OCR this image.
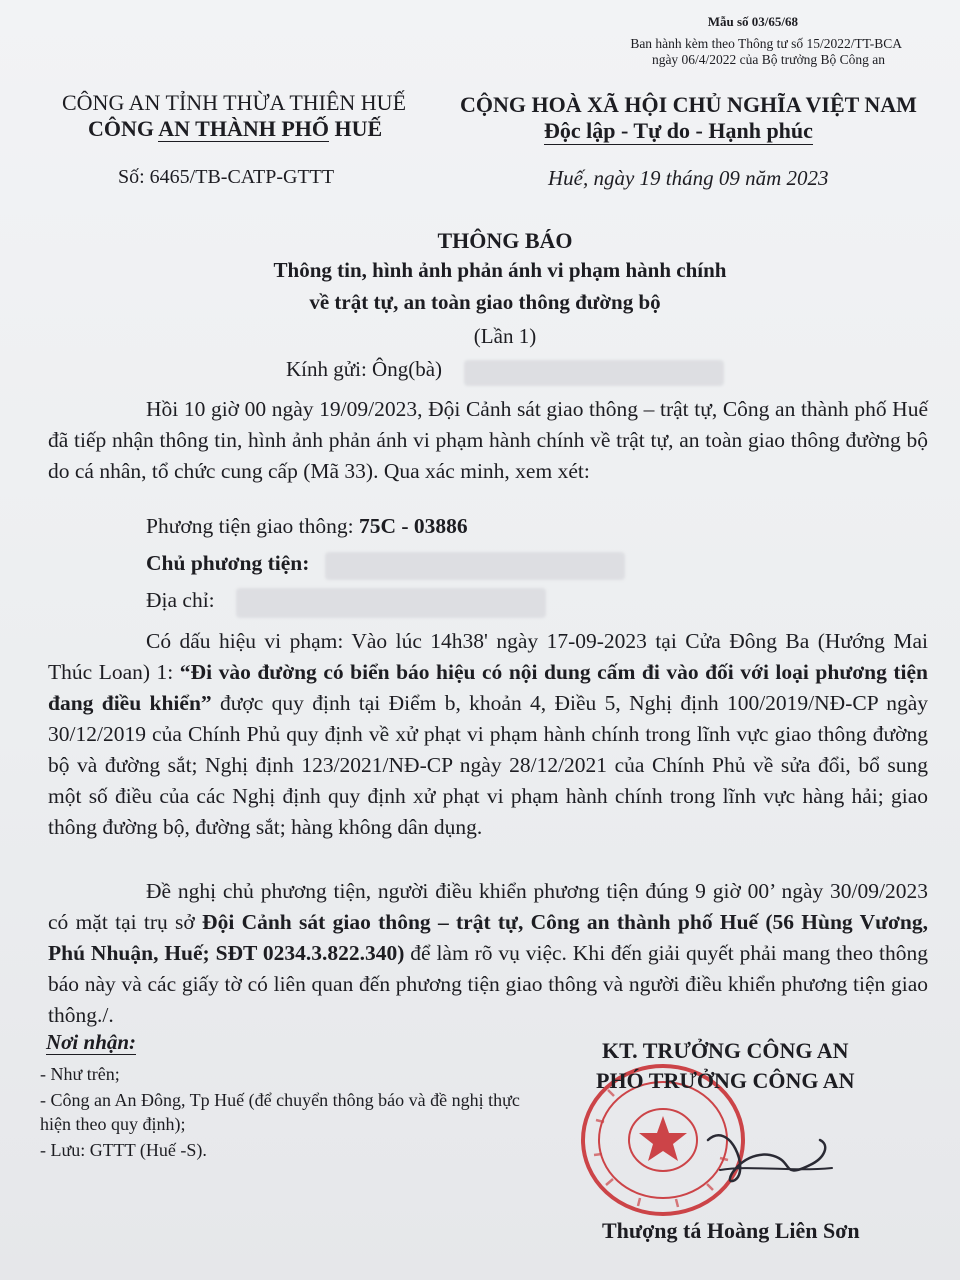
Mẫu số 03/65/68
Ban hành kèm theo Thông tư số 15/2022/TT-BCA
ngày 06/4/2022 của Bộ trưởng Bộ Công an
CÔNG AN TỈNH THỪA THIÊN HUẾ
CÔNG AN THÀNH PHỐ HUẾ
Số: 6465/TB-CATP-GTTT
CỘNG HOÀ XÃ HỘI CHỦ NGHĨA VIỆT NAM
Độc lập - Tự do - Hạnh phúc
Huế, ngày 19 tháng 09 năm 2023
THÔNG BÁO
Thông tin, hình ảnh phản ánh vi phạm hành chính
về trật tự, an toàn giao thông đường bộ
(Lần 1)
Kính gửi: Ông(bà)
Hồi 10 giờ 00 ngày 19/09/2023, Đội Cảnh sát giao thông – trật tự, Công an thành phố Huế đã tiếp nhận thông tin, hình ảnh phản ánh vi phạm hành chính về trật tự, an toàn giao thông đường bộ do cá nhân, tổ chức cung cấp (Mã 33). Qua xác minh, xem xét:
Phương tiện giao thông: 75C - 03886
Chủ phương tiện:
Địa chỉ:
Có dấu hiệu vi phạm: Vào lúc 14h38' ngày 17-09-2023 tại Cửa Đông Ba (Hướng Mai Thúc Loan) 1: “Đi vào đường có biển báo hiệu có nội dung cấm đi vào đối với loại phương tiện đang điều khiển” được quy định tại Điểm b, khoản 4, Điều 5, Nghị định 100/2019/NĐ-CP ngày 30/12/2019 của Chính Phủ quy định về xử phạt vi phạm hành chính trong lĩnh vực giao thông đường bộ và đường sắt; Nghị định 123/2021/NĐ-CP ngày 28/12/2021 của Chính Phủ về sửa đổi, bổ sung một số điều của các Nghị định quy định xử phạt vi phạm hành chính trong lĩnh vực hàng hải; giao thông đường bộ, đường sắt; hàng không dân dụng.
Đề nghị chủ phương tiện, người điều khiển phương tiện đúng 9 giờ 00’ ngày 30/09/2023 có mặt tại trụ sở Đội Cảnh sát giao thông – trật tự, Công an thành phố Huế (56 Hùng Vương, Phú Nhuận, Huế; SĐT 0234.3.822.340) để làm rõ vụ việc. Khi đến giải quyết phải mang theo thông báo này và các giấy tờ có liên quan đến phương tiện giao thông và người điều khiển phương tiện giao thông./.
Nơi nhận:
- Như trên;
- Công an An Đông, Tp Huế (để chuyển thông báo và đề nghị thực hiện theo quy định);
- Lưu: GTTT (Huế -S).
KT. TRƯỞNG CÔNG AN
PHÓ TRƯỞNG CÔNG AN
Thượng tá Hoàng Liên Sơn
